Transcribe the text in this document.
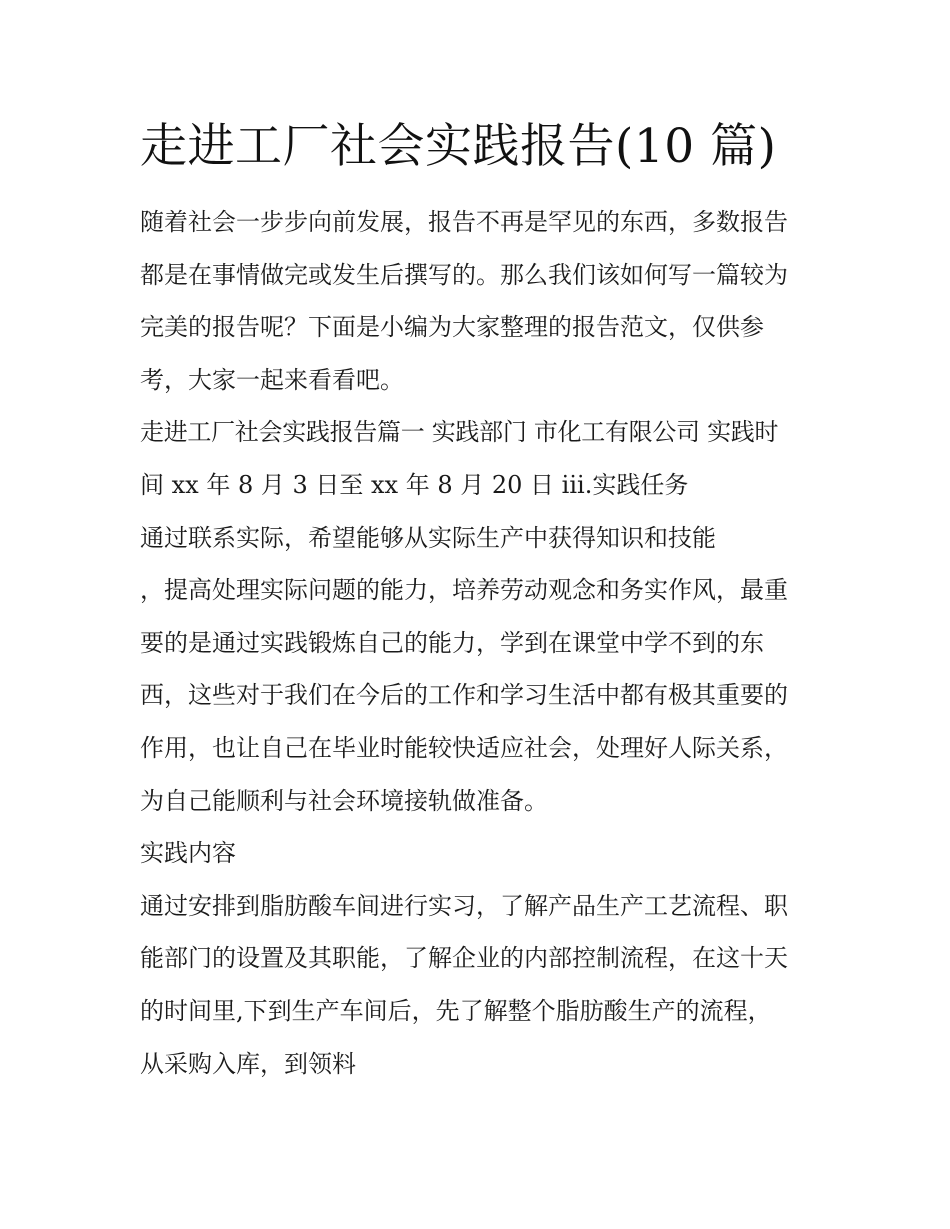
走进工厂社会实践报告(10 篇)
随着社会一步步向前发展，报告不再是罕见的东西，多数报告
都是在事情做完或发生后撰写的。那么我们该如何写一篇较为
完美的报告呢？下面是小编为大家整理的报告范文，仅供参
考，大家一起来看看吧。
走进工厂社会实践报告篇一 实践部门 市化工有限公司 实践时
间 xx 年 8 月 3 日至 xx 年 8 月 20 日 iii.实践任务
通过联系实际，希望能够从实际生产中获得知识和技能
，提高处理实际问题的能力，培养劳动观念和务实作风，最重
要的是通过实践锻炼自己的能力，学到在课堂中学不到的东
西，这些对于我们在今后的工作和学习生活中都有极其重要的
作用，也让自己在毕业时能较快适应社会，处理好人际关系，
为自己能顺利与社会环境接轨做准备。
实践内容
通过安排到脂肪酸车间进行实习，了解产品生产工艺流程、职
能部门的设置及其职能，了解企业的内部控制流程，在这十天
的时间里,下到生产车间后，先了解整个脂肪酸生产的流程，
从采购入库，到领料
